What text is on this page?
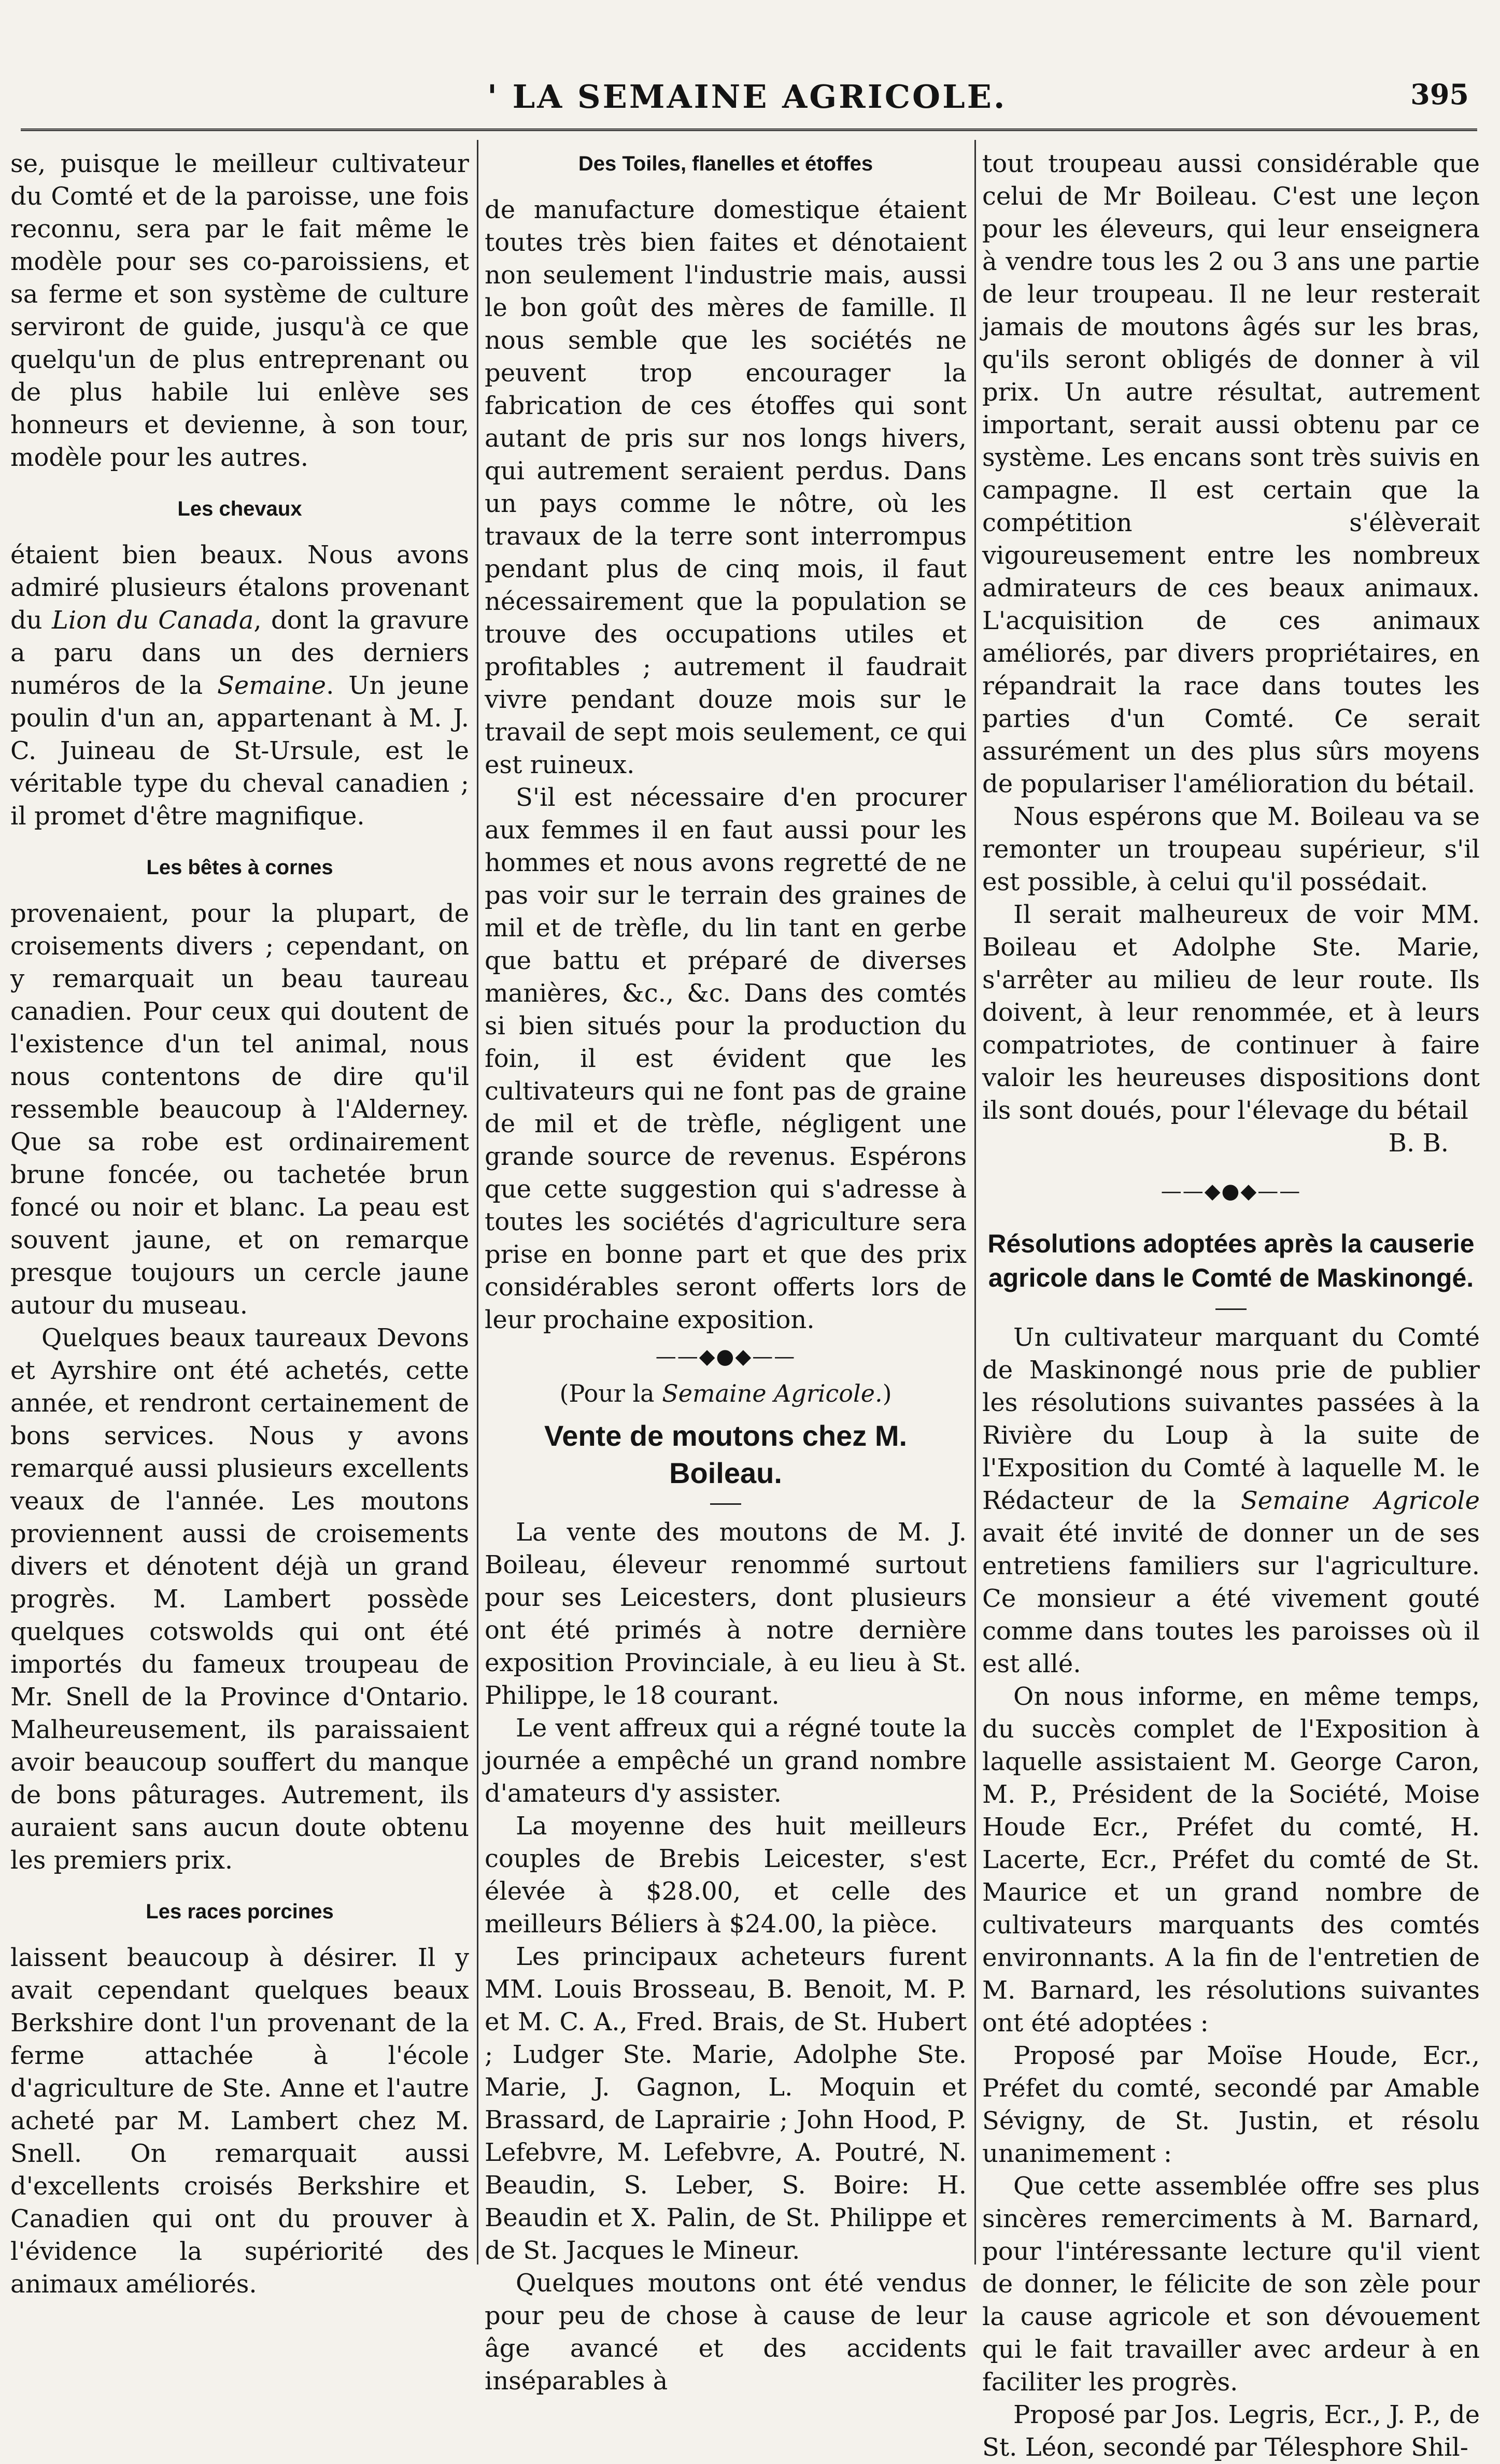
' LA SEMAINE AGRICOLE.	395

se, puisque le meilleur cultivateur du Comté et de la paroisse, une fois reconnu, sera par le fait même le modèle pour ses co-paroissiens, et sa ferme et son système de culture serviront de guide, jusqu'à ce que quelqu'un de plus entreprenant ou de plus habile lui enlève ses honneurs et devienne, à son tour, modèle pour les autres.

Les chevaux

étaient bien beaux. Nous avons admiré plusieurs étalons provenant du Lion du Canada, dont la gravure a paru dans un des derniers numéros de la Semaine. Un jeune poulin d'un an, appartenant à M. J. C. Juineau de St-Ursule, est le véritable type du cheval canadien ; il promet d'être magnifique.

Les bêtes à cornes

provenaient, pour la plupart, de croisements divers ; cependant, on y remarquait un beau taureau canadien. Pour ceux qui doutent de l'existence d'un tel animal, nous nous contentons de dire qu'il ressemble beaucoup à l'Alderney. Que sa robe est ordinairement brune foncée, ou tachetée brun foncé ou noir et blanc. La peau est souvent jaune, et on remarque presque toujours un cercle jaune autour du museau.

Quelques beaux taureaux Devons et Ayrshire ont été achetés, cette année, et rendront certainement de bons services. Nous y avons remarqué aussi plusieurs excellents veaux de l'année. Les moutons proviennent aussi de croisements divers et dénotent déjà un grand progrès. M. Lambert possède quelques cotswolds qui ont été importés du fameux troupeau de Mr. Snell de la Province d'Ontario. Malheureusement, ils paraissaient avoir beaucoup souffert du manque de bons pâturages. Autrement, ils auraient sans aucun doute obtenu les premiers prix.

Les races porcines

laissent beaucoup à désirer. Il y avait cependant quelques beaux Berkshire dont l'un provenant de la ferme attachée à l'école d'agriculture de Ste. Anne et l'autre acheté par M. Lambert chez M. Snell. On remarquait aussi d'excellents croisés Berkshire et Canadien qui ont du prouver à l'évidence la supériorité des animaux améliorés.

Des Toiles, flanelles et étoffes

de manufacture domestique étaient toutes très bien faites et dénotaient non seulement l'industrie mais, aussi le bon goût des mères de famille. Il nous semble que les sociétés ne peuvent trop encourager la fabrication de ces étoffes qui sont autant de pris sur nos longs hivers, qui autrement seraient perdus. Dans un pays comme le nôtre, où les travaux de la terre sont interrompus pendant plus de cinq mois, il faut nécessairement que la population se trouve des occupations utiles et profitables ; autrement il faudrait vivre pendant douze mois sur le travail de sept mois seulement, ce qui est ruineux.

S'il est nécessaire d'en procurer aux femmes il en faut aussi pour les hommes et nous avons regretté de ne pas voir sur le terrain des graines de mil et de trèfle, du lin tant en gerbe que battu et préparé de diverses manières, &c., &c. Dans des comtés si bien situés pour la production du foin, il est évident que les cultivateurs qui ne font pas de graine de mil et de trèfle, négligent une grande source de revenus. Espérons que cette suggestion qui s'adresse à toutes les sociétés d'agriculture sera prise en bonne part et que des prix considérables seront offerts lors de leur prochaine exposition.

——◆●◆——
(Pour la Semaine Agricole.)
Vente de moutons chez M. Boileau.

La vente des moutons de M. J. Boileau, éleveur renommé surtout pour ses Leicesters, dont plusieurs ont été primés à notre dernière exposition Provinciale, à eu lieu à St. Philippe, le 18 courant.

Le vent affreux qui a régné toute la journée a empêché un grand nombre d'amateurs d'y assister.

La moyenne des huit meilleurs couples de Brebis Leicester, s'est élevée à $28.00, et celle des meilleurs Béliers à $24.00, la pièce.

Les principaux acheteurs furent MM. Louis Brosseau, B. Benoit, M. P. et M. C. A., Fred. Brais, de St. Hubert ; Ludger Ste. Marie, Adolphe Ste. Marie, J. Gagnon, L. Moquin et Brassard, de Laprairie ; John Hood, P. Lefebvre, M. Lefebvre, A. Poutré, N. Beaudin, S. Leber, S. Boire: H. Beaudin et X. Palin, de St. Philippe et de St. Jacques le Mineur.

Quelques moutons ont été vendus pour peu de chose à cause de leur âge avancé et des accidents inséparables à

tout troupeau aussi considérable que celui de Mr Boileau. C'est une leçon pour les éleveurs, qui leur enseignera à vendre tous les 2 ou 3 ans une partie de leur troupeau. Il ne leur resterait jamais de moutons âgés sur les bras, qu'ils seront obligés de donner à vil prix. Un autre résultat, autrement important, serait aussi obtenu par ce système. Les encans sont très suivis en campagne. Il est certain que la compétition s'élèverait vigoureusement entre les nombreux admirateurs de ces beaux animaux. L'acquisition de ces animaux améliorés, par divers propriétaires, en répandrait la race dans toutes les parties d'un Comté. Ce serait assurément un des plus sûrs moyens de populariser l'amélioration du bétail.

Nous espérons que M. Boileau va se remonter un troupeau supérieur, s'il est possible, à celui qu'il possédait.

Il serait malheureux de voir MM. Boileau et Adolphe Ste. Marie, s'arrêter au milieu de leur route. Ils doivent, à leur renommée, et à leurs compatriotes, de continuer à faire valoir les heureuses dispositions dont ils sont doués, pour l'élevage du bétail

B. B.

——◆●◆——
Résolutions adoptées après la causerie agricole dans le Comté de Maskinongé.

Un cultivateur marquant du Comté de Maskinongé nous prie de publier les résolutions suivantes passées à la Rivière du Loup à la suite de l'Exposition du Comté à laquelle M. le Rédacteur de la Semaine Agricole avait été invité de donner un de ses entretiens familiers sur l'agriculture. Ce monsieur a été vivement gouté comme dans toutes les paroisses où il est allé.

On nous informe, en même temps, du succès complet de l'Exposition à laquelle assistaient M. George Caron, M. P., Président de la Société, Moise Houde Ecr., Préfet du comté, H. Lacerte, Ecr., Préfet du comté de St. Maurice et un grand nombre de cultivateurs marquants des comtés environnants. A la fin de l'entretien de M. Barnard, les résolutions suivantes ont été adoptées :

Proposé par Moïse Houde, Ecr., Préfet du comté, secondé par Amable Sévigny, de St. Justin, et résolu unanimement :

Que cette assemblée offre ses plus sincères remerciments à M. Barnard, pour l'intéressante lecture qu'il vient de donner, le félicite de son zèle pour la cause agricole et son dévouement qui le fait travailler avec ardeur à en faciliter les progrès.

Proposé par Jos. Legris, Ecr., J. P., de St. Léon, secondé par Télesphore Shil-
